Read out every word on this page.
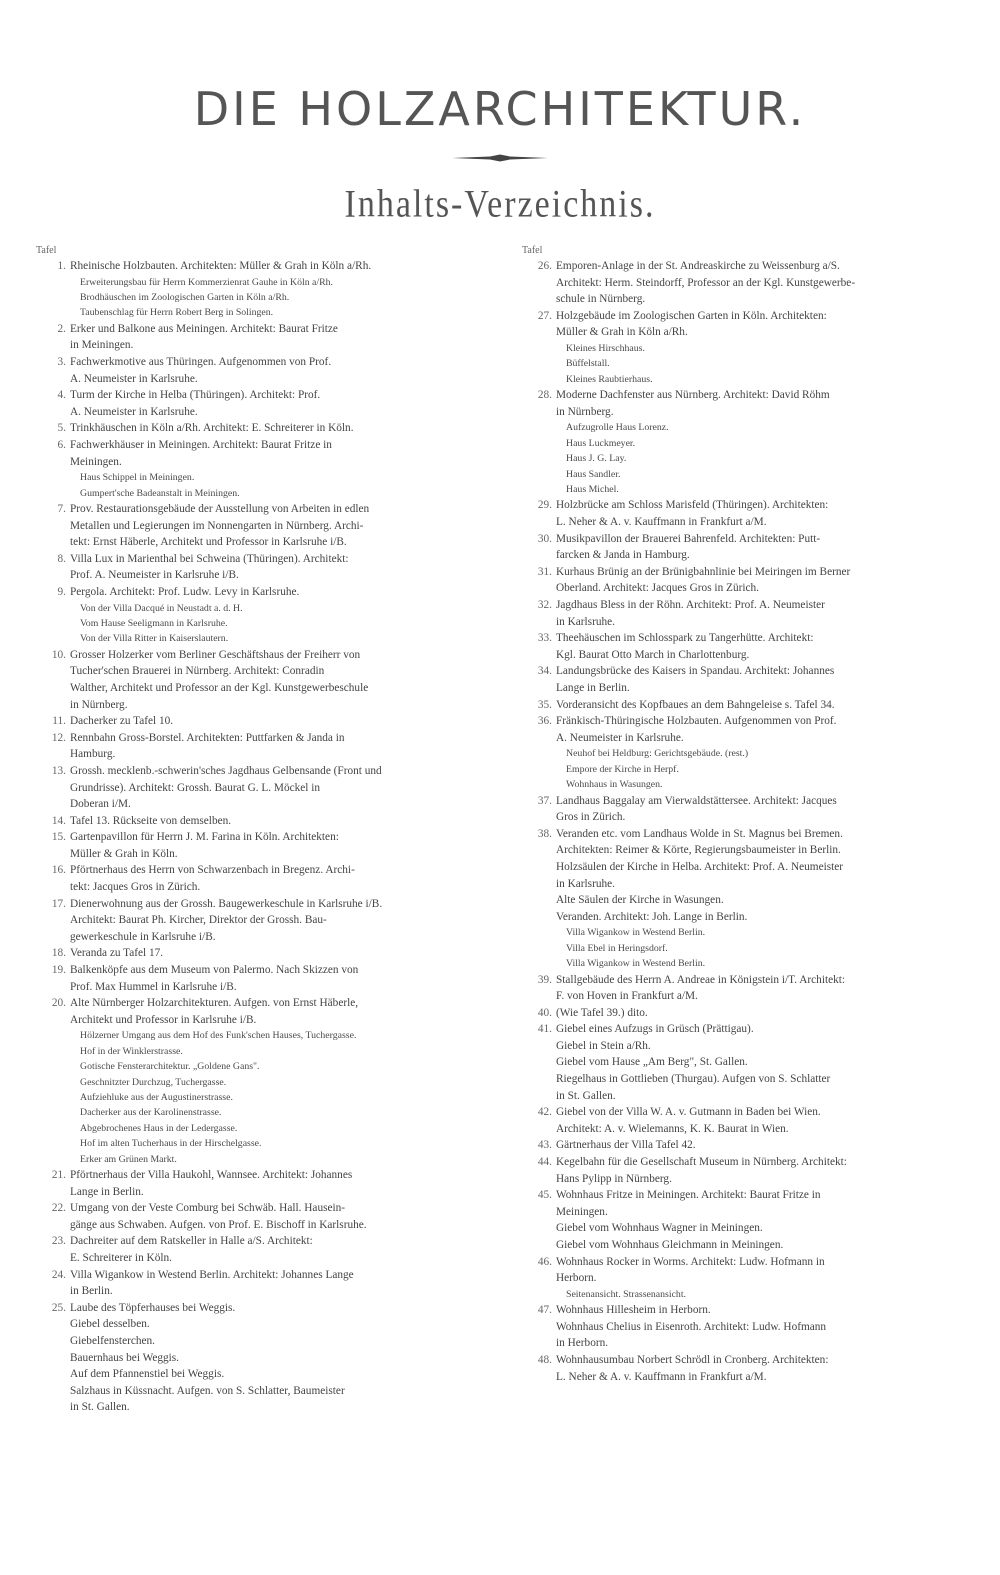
DIE HOLZARCHITEKTUR.
Inhalts-Verzeichnis.
Tafel
1. Rheinische Holzbauten. Architekten: Müller & Grah in Köln a/Rh.
Erweiterungsbau für Herrn Kommerzienrat Gauhe in Köln a/Rh.
Brodhäuschen im Zoologischen Garten in Köln a/Rh.
Taubenschlag für Herrn Robert Berg in Solingen.
2. Erker und Balkone aus Meiningen. Architekt: Baurat Fritze
in Meiningen.
3. Fachwerkmotive aus Thüringen. Aufgenommen von Prof.
A. Neumeister in Karlsruhe.
4. Turm der Kirche in Helba (Thüringen). Architekt: Prof.
A. Neumeister in Karlsruhe.
5. Trinkhäuschen in Köln a/Rh. Architekt: E. Schreiterer in Köln.
6. Fachwerkhäuser in Meiningen. Architekt: Baurat Fritze in
Meiningen.
Haus Schippel in Meiningen.
Gumpert'sche Badeanstalt in Meiningen.
7. Prov. Restaurationsgebäude der Ausstellung von Arbeiten in edlen
Metallen und Legierungen im Nonnengarten in Nürnberg. Archi-
tekt: Ernst Häberle, Architekt und Professor in Karlsruhe i/B.
8. Villa Lux in Marienthal bei Schweina (Thüringen). Architekt:
Prof. A. Neumeister in Karlsruhe i/B.
9. Pergola. Architekt: Prof. Ludw. Levy in Karlsruhe.
Von der Villa Dacqué in Neustadt a. d. H.
Vom Hause Seeligmann in Karlsruhe.
Von der Villa Ritter in Kaiserslautern.
10. Grosser Holzerker vom Berliner Geschäftshaus der Freiherr von
Tucher'schen Brauerei in Nürnberg. Architekt: Conradin
Walther, Architekt und Professor an der Kgl. Kunstgewerbeschule
in Nürnberg.
11. Dacherker zu Tafel 10.
12. Rennbahn Gross-Borstel. Architekten: Puttfarken & Janda in
Hamburg.
13. Grossh. mecklenb.-schwerin'sches Jagdhaus Gelbensande (Front und
Grundrisse). Architekt: Grossh. Baurat G. L. Möckel in
Doberan i/M.
14. Tafel 13. Rückseite von demselben.
15. Gartenpavillon für Herrn J. M. Farina in Köln. Architekten:
Müller & Grah in Köln.
16. Pförtnerhaus des Herrn von Schwarzenbach in Bregenz. Archi-
tekt: Jacques Gros in Zürich.
17. Dienerwohnung aus der Grossh. Baugewerkeschule in Karlsruhe i/B.
Architekt: Baurat Ph. Kircher, Direktor der Grossh. Bau-
gewerkeschule in Karlsruhe i/B.
18. Veranda zu Tafel 17.
19. Balkenköpfe aus dem Museum von Palermo. Nach Skizzen von
Prof. Max Hummel in Karlsruhe i/B.
20. Alte Nürnberger Holzarchitekturen. Aufgen. von Ernst Häberle,
Architekt und Professor in Karlsruhe i/B.
Hölzerner Umgang aus dem Hof des Funk'schen Hauses, Tuchergasse.
Hof in der Winklerstrasse.
Gotische Fensterarchitektur. „Goldene Gans".
Geschnitzter Durchzug, Tuchergasse.
Aufziehluke aus der Augustinerstrasse.
Dacherker aus der Karolinenstrasse.
Abgebrochenes Haus in der Ledergasse.
Hof im alten Tucherhaus in der Hirschelgasse.
Erker am Grünen Markt.
21. Pförtnerhaus der Villa Haukohl, Wannsee. Architekt: Johannes
Lange in Berlin.
22. Umgang von der Veste Comburg bei Schwäb. Hall. Hausein-
gänge aus Schwaben. Aufgen. von Prof. E. Bischoff in Karlsruhe.
23. Dachreiter auf dem Ratskeller in Halle a/S. Architekt:
E. Schreiterer in Köln.
24. Villa Wigankow in Westend Berlin. Architekt: Johannes Lange
in Berlin.
25. Laube des Töpferhauses bei Weggis.
Giebel desselben.
Giebelfensterchen.
Bauernhaus bei Weggis.
Auf dem Pfannenstiel bei Weggis.
Salzhaus in Küssnacht. Aufgen. von S. Schlatter, Baumeister
in St. Gallen.
Tafel
26. Emporen-Anlage in der St. Andreaskirche zu Weissenburg a/S.
Architekt: Herm. Steindorff, Professor an der Kgl. Kunstgewerbe-
schule in Nürnberg.
27. Holzgebäude im Zoologischen Garten in Köln. Architekten:
Müller & Grah in Köln a/Rh.
Kleines Hirschhaus.
Büffelstall.
Kleines Raubtierhaus.
28. Moderne Dachfenster aus Nürnberg. Architekt: David Röhm
in Nürnberg.
Aufzugrolle Haus Lorenz.
Haus Luckmeyer.
Haus J. G. Lay.
Haus Sandler.
Haus Michel.
29. Holzbrücke am Schloss Marisfeld (Thüringen). Architekten:
L. Neher & A. v. Kauffmann in Frankfurt a/M.
30. Musikpavillon der Brauerei Bahrenfeld. Architekten: Putt-
farcken & Janda in Hamburg.
31. Kurhaus Brünig an der Brünigbahnlinie bei Meiringen im Berner
Oberland. Architekt: Jacques Gros in Zürich.
32. Jagdhaus Bless in der Röhn. Architekt: Prof. A. Neumeister
in Karlsruhe.
33. Theehäuschen im Schlosspark zu Tangerhütte. Architekt:
Kgl. Baurat Otto March in Charlottenburg.
34. Landungsbrücke des Kaisers in Spandau. Architekt: Johannes
Lange in Berlin.
35. Vorderansicht des Kopfbaues an dem Bahngeleise s. Tafel 34.
36. Fränkisch-Thüringische Holzbauten. Aufgenommen von Prof.
A. Neumeister in Karlsruhe.
Neuhof bei Heldburg: Gerichtsgebäude. (rest.)
Empore der Kirche in Herpf.
Wohnhaus in Wasungen.
37. Landhaus Baggalay am Vierwaldstättersee. Architekt: Jacques
Gros in Zürich.
38. Veranden etc. vom Landhaus Wolde in St. Magnus bei Bremen.
Architekten: Reimer & Körte, Regierungsbaumeister in Berlin.
Holzsäulen der Kirche in Helba. Architekt: Prof. A. Neumeister
in Karlsruhe.
Alte Säulen der Kirche in Wasungen.
Veranden. Architekt: Joh. Lange in Berlin.
Villa Wigankow in Westend Berlin.
Villa Ebel in Heringsdorf.
Villa Wigankow in Westend Berlin.
39. Stallgebäude des Herrn A. Andreae in Königstein i/T. Architekt:
F. von Hoven in Frankfurt a/M.
40. (Wie Tafel 39.) dito.
41. Giebel eines Aufzugs in Grüsch (Prättigau).
Giebel in Stein a/Rh.
Giebel vom Hause „Am Berg", St. Gallen.
Riegelhaus in Gottlieben (Thurgau). Aufgen von S. Schlatter
in St. Gallen.
42. Giebel von der Villa W. A. v. Gutmann in Baden bei Wien.
Architekt: A. v. Wielemanns, K. K. Baurat in Wien.
43. Gärtnerhaus der Villa Tafel 42.
44. Kegelbahn für die Gesellschaft Museum in Nürnberg. Architekt:
Hans Pylipp in Nürnberg.
45. Wohnhaus Fritze in Meiningen. Architekt: Baurat Fritze in
Meiningen.
Giebel vom Wohnhaus Wagner in Meiningen.
Giebel vom Wohnhaus Gleichmann in Meiningen.
46. Wohnhaus Rocker in Worms. Architekt: Ludw. Hofmann in
Herborn.
Seitenansicht. Strassenansicht.
47. Wohnhaus Hillesheim in Herborn.
Wohnhaus Chelius in Eisenroth. Architekt: Ludw. Hofmann
in Herborn.
48. Wohnhausumbau Norbert Schrödl in Cronberg. Architekten:
L. Neher & A. v. Kauffmann in Frankfurt a/M.
